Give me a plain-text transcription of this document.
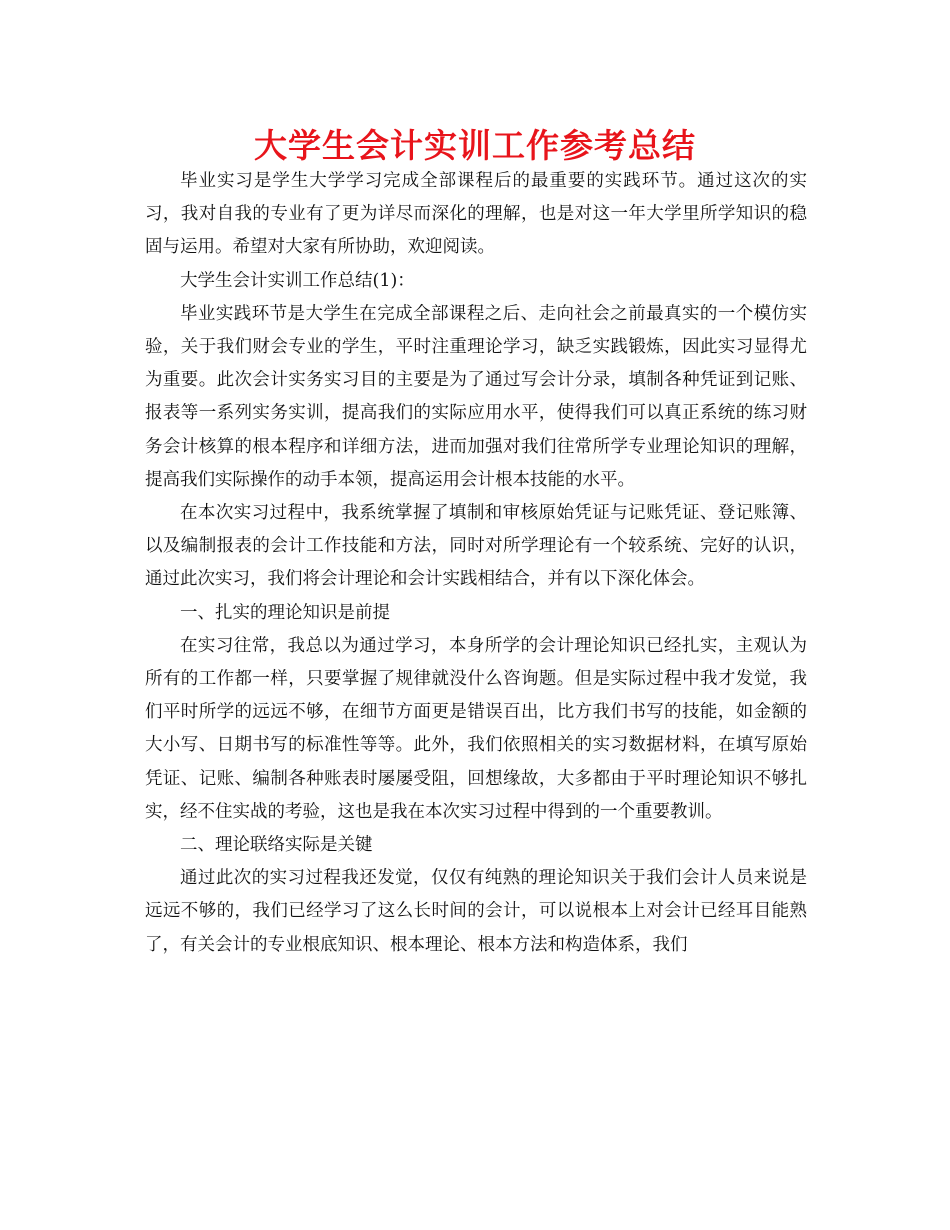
大学生会计实训工作参考总结

毕业实习是学生大学学习完成全部课程后的最重要的实践环节。通过这次的实习，我对自我的专业有了更为详尽而深化的理解，也是对这一年大学里所学知识的稳固与运用。希望对大家有所协助，欢迎阅读。

大学生会计实训工作总结(1)：

毕业实践环节是大学生在完成全部课程之后、走向社会之前最真实的一个模仿实验，关于我们财会专业的学生，平时注重理论学习，缺乏实践锻炼，因此实习显得尤为重要。此次会计实务实习目的主要是为了通过写会计分录，填制各种凭证到记账、报表等一系列实务实训，提高我们的实际应用水平，使得我们可以真正系统的练习财务会计核算的根本程序和详细方法，进而加强对我们往常所学专业理论知识的理解，提高我们实际操作的动手本领，提高运用会计根本技能的水平。

在本次实习过程中，我系统掌握了填制和审核原始凭证与记账凭证、登记账簿、以及编制报表的会计工作技能和方法，同时对所学理论有一个较系统、完好的认识，通过此次实习，我们将会计理论和会计实践相结合，并有以下深化体会。

一、扎实的理论知识是前提

在实习往常，我总以为通过学习，本身所学的会计理论知识已经扎实，主观认为所有的工作都一样，只要掌握了规律就没什么咨询题。但是实际过程中我才发觉，我们平时所学的远远不够，在细节方面更是错误百出，比方我们书写的技能，如金额的大小写、日期书写的标准性等等。此外，我们依照相关的实习数据材料，在填写原始凭证、记账、编制各种账表时屡屡受阻，回想缘故，大多都由于平时理论知识不够扎实，经不住实战的考验，这也是我在本次实习过程中得到的一个重要教训。

二、理论联络实际是关键

通过此次的实习过程我还发觉，仅仅有纯熟的理论知识关于我们会计人员来说是远远不够的，我们已经学习了这么长时间的会计，可以说根本上对会计已经耳目能熟了，有关会计的专业根底知识、根本理论、根本方法和构造体系，我们
